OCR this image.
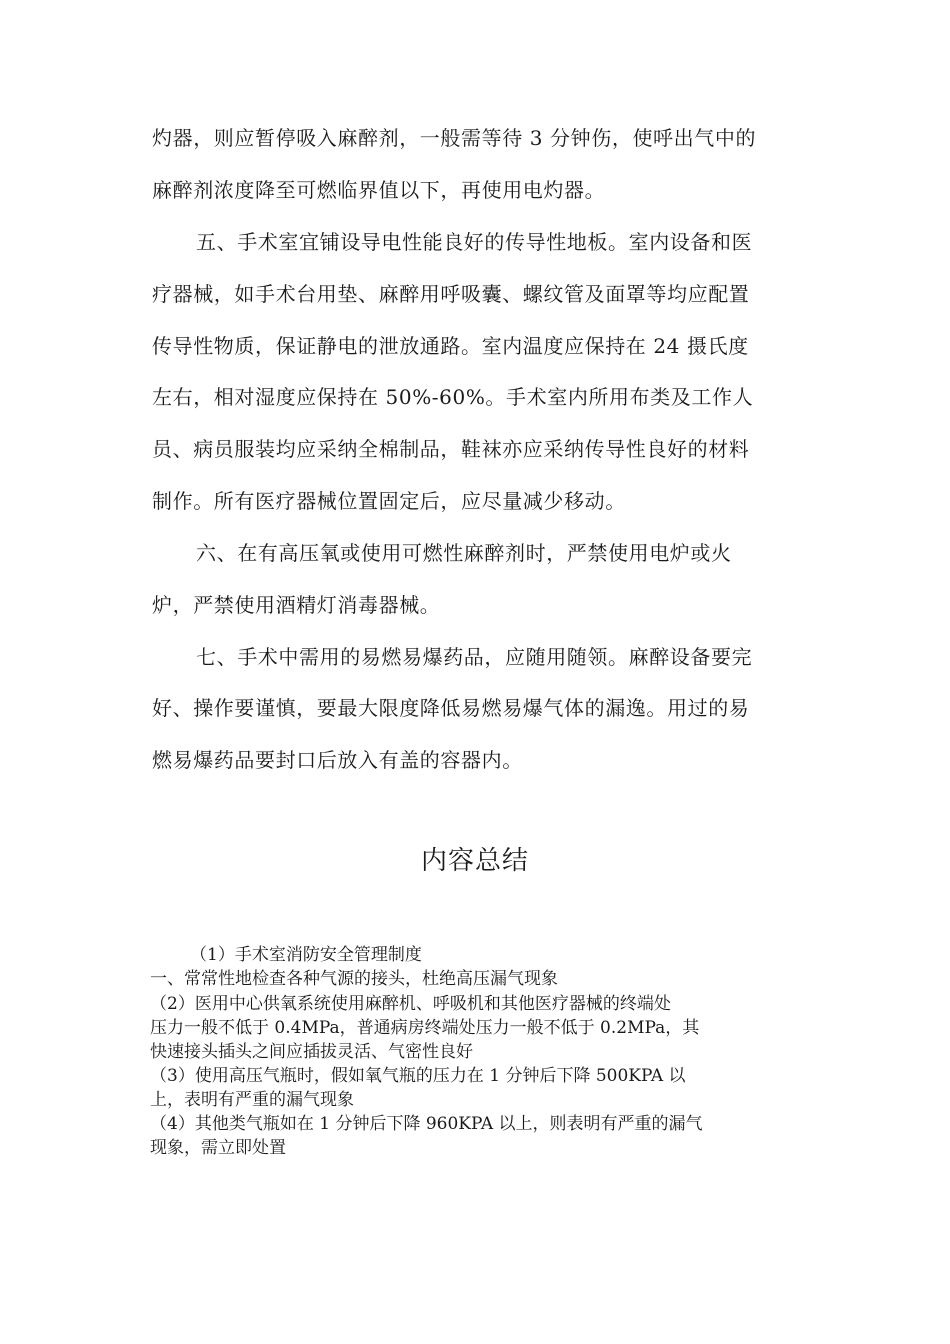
灼器，则应暂停吸入麻醉剂，一般需等待 3 分钟伤，使呼出气中的
麻醉剂浓度降至可燃临界值以下，再使用电灼器。
五、手术室宜铺设导电性能良好的传导性地板。室内设备和医
疗器械，如手术台用垫、麻醉用呼吸囊、螺纹管及面罩等均应配置
传导性物质，保证静电的泄放通路。室内温度应保持在 24 摄氏度
左右，相对湿度应保持在 50%-60%。手术室内所用布类及工作人
员、病员服装均应采纳全棉制品，鞋袜亦应采纳传导性良好的材料
制作。所有医疗器械位置固定后，应尽量减少移动。
六、在有高压氧或使用可燃性麻醉剂时，严禁使用电炉或火
炉，严禁使用酒精灯消毒器械。
七、手术中需用的易燃易爆药品，应随用随领。麻醉设备要完
好、操作要谨慎，要最大限度降低易燃易爆气体的漏逸。用过的易
燃易爆药品要封口后放入有盖的容器内。
内容总结
（1）手术室消防安全管理制度
一、常常性地检查各种气源的接头，杜绝高压漏气现象
（2）医用中心供氧系统使用麻醉机、呼吸机和其他医疗器械的终端处
压力一般不低于 0.4MPa，普通病房终端处压力一般不低于 0.2MPa，其
快速接头插头之间应插拔灵活、气密性良好
（3）使用高压气瓶时，假如氧气瓶的压力在 1 分钟后下降 500KPA 以
上，表明有严重的漏气现象
（4）其他类气瓶如在 1 分钟后下降 960KPA 以上，则表明有严重的漏气
现象，需立即处置
